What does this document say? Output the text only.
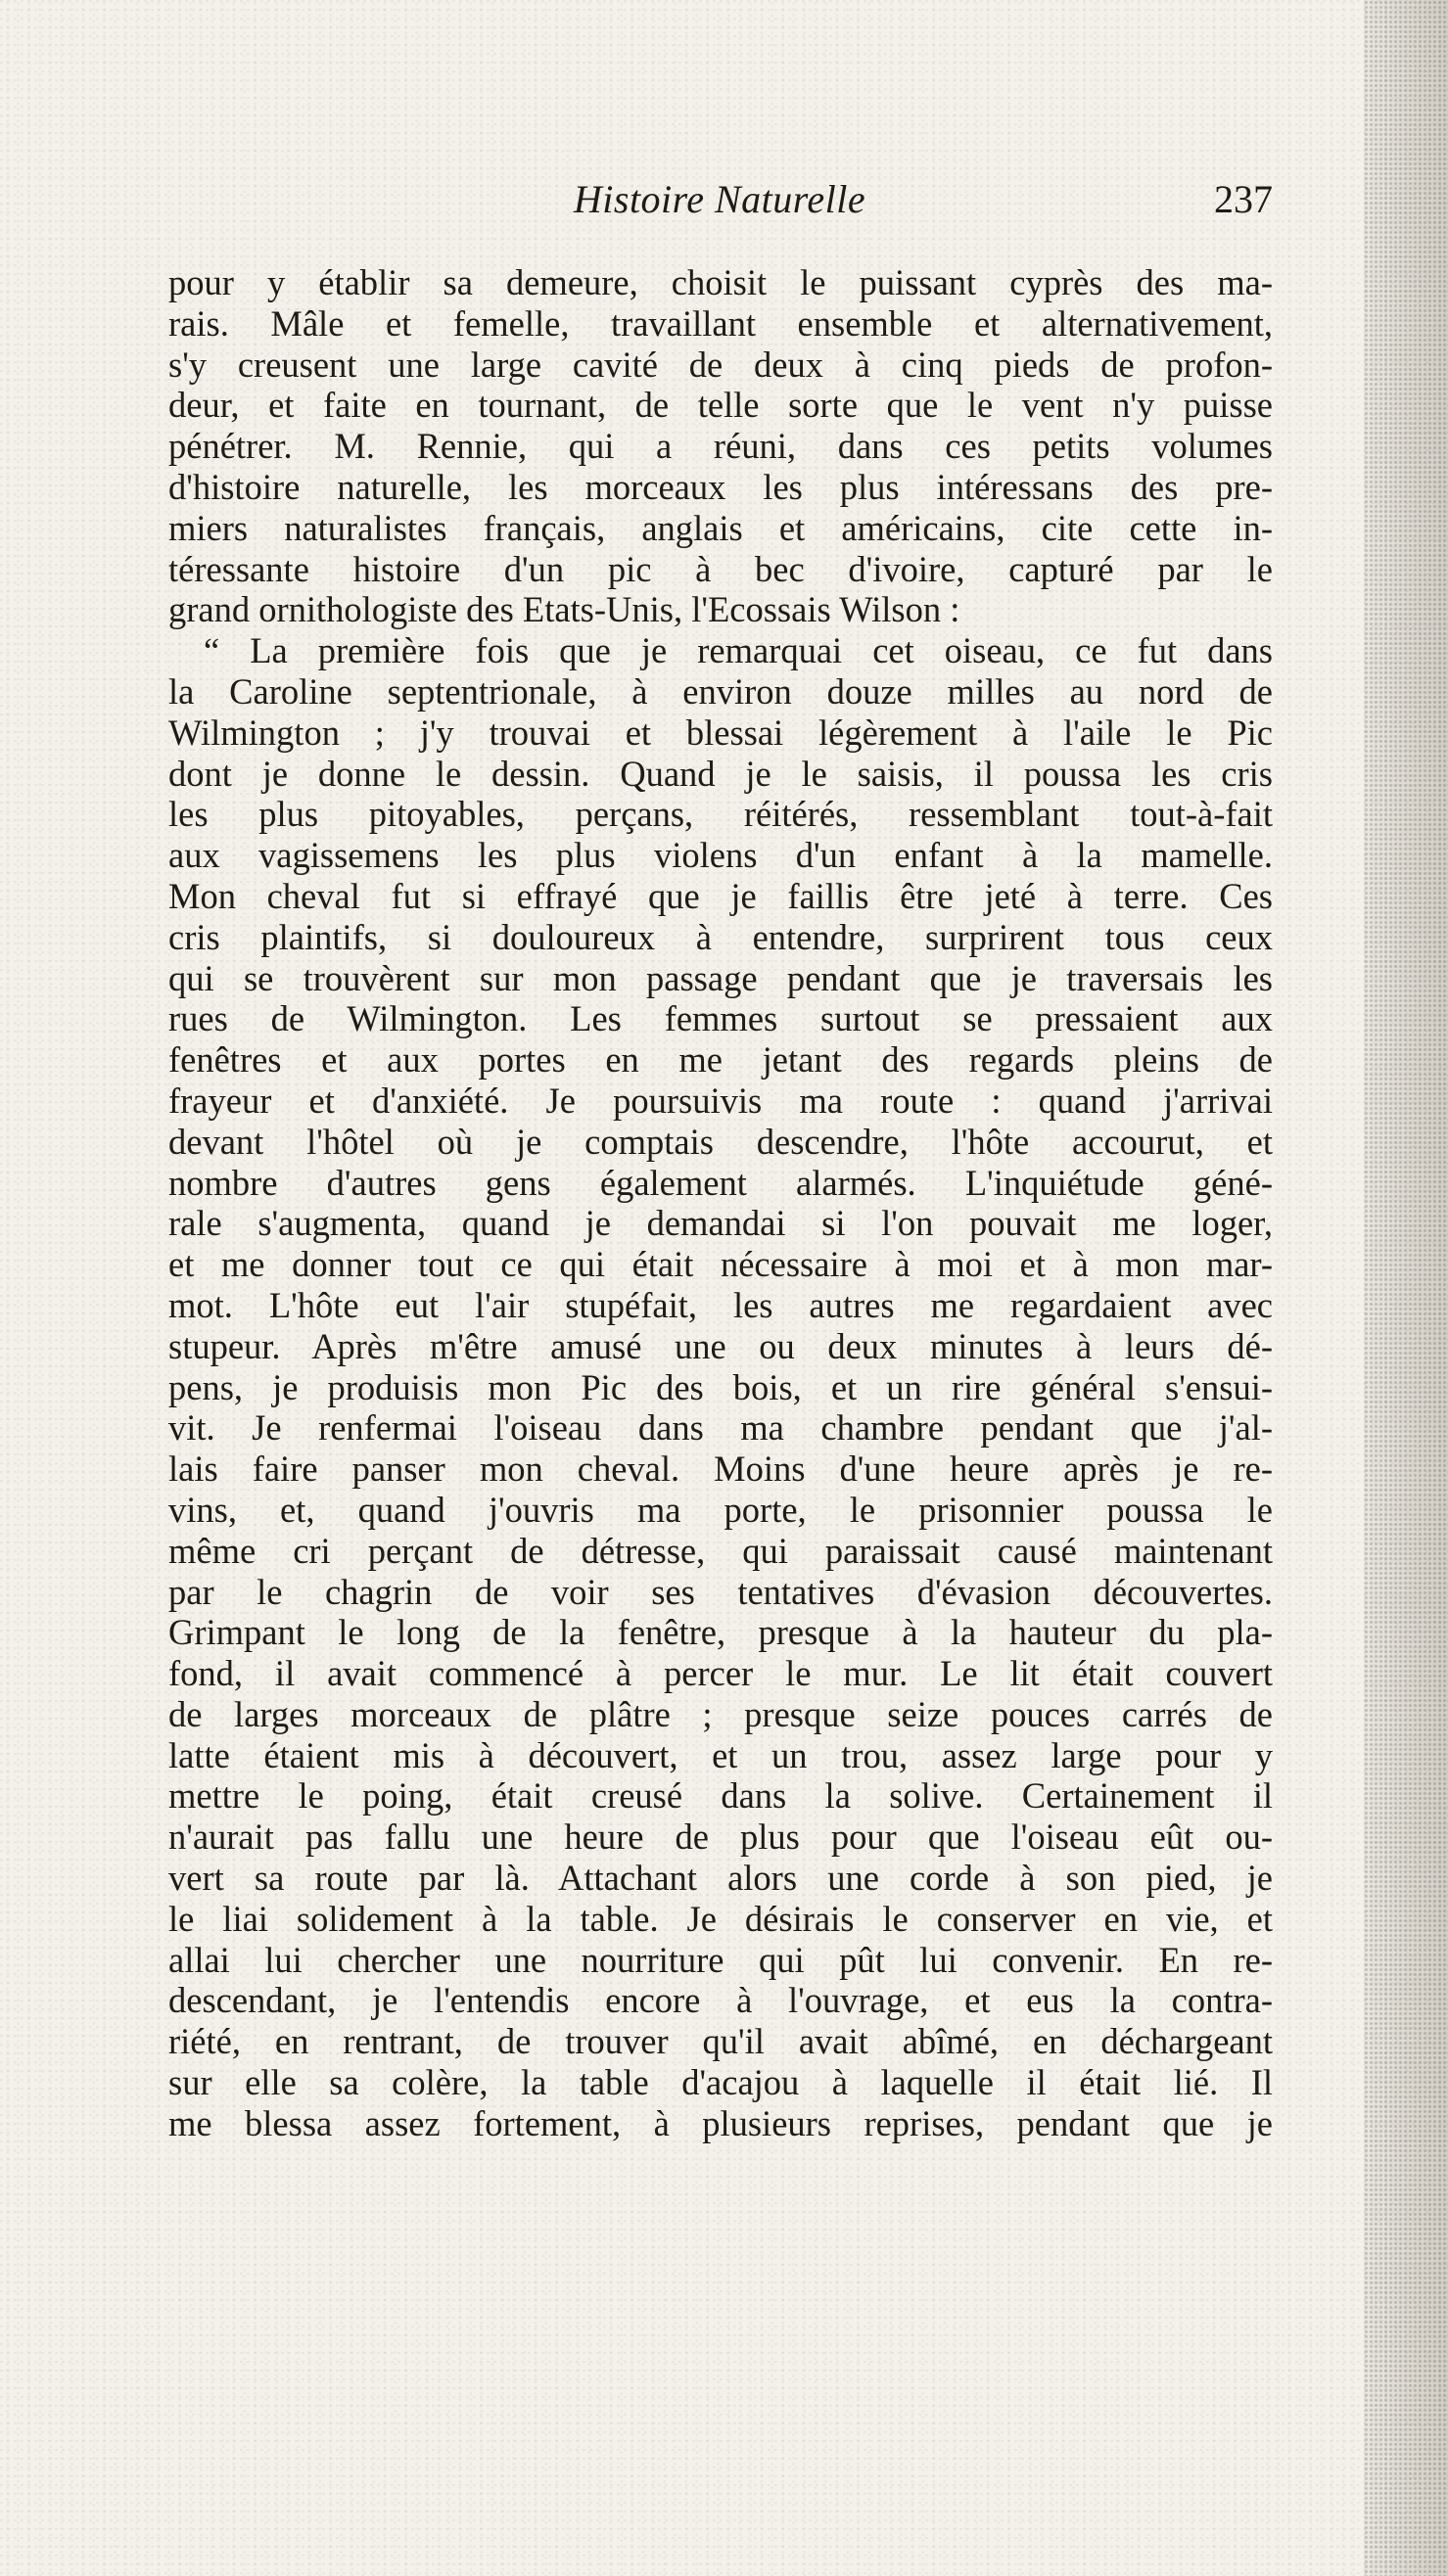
Histoire Naturelle	237
pour y établir sa demeure, choisit le puissant cyprès des ma-
rais. Mâle et femelle, travaillant ensemble et alternativement,
s'y creusent une large cavité de deux à cinq pieds de profon-
deur, et faite en tournant, de telle sorte que le vent n'y puisse
pénétrer. M. Rennie, qui a réuni, dans ces petits volumes
d'histoire naturelle, les morceaux les plus intéressans des pre-
miers naturalistes français, anglais et américains, cite cette in-
téressante histoire d'un pic à bec d'ivoire, capturé par le
grand ornithologiste des Etats-Unis, l'Ecossais Wilson :
“ La première fois que je remarquai cet oiseau, ce fut dans
la Caroline septentrionale, à environ douze milles au nord de
Wilmington ; j'y trouvai et blessai légèrement à l'aile le Pic
dont je donne le dessin. Quand je le saisis, il poussa les cris
les plus pitoyables, perçans, réitérés, ressemblant tout-à-fait
aux vagissemens les plus violens d'un enfant à la mamelle.
Mon cheval fut si effrayé que je faillis être jeté à terre. Ces
cris plaintifs, si douloureux à entendre, surprirent tous ceux
qui se trouvèrent sur mon passage pendant que je traversais les
rues de Wilmington. Les femmes surtout se pressaient aux
fenêtres et aux portes en me jetant des regards pleins de
frayeur et d'anxiété. Je poursuivis ma route : quand j'arrivai
devant l'hôtel où je comptais descendre, l'hôte accourut, et
nombre d'autres gens également alarmés. L'inquiétude géné-
rale s'augmenta, quand je demandai si l'on pouvait me loger,
et me donner tout ce qui était nécessaire à moi et à mon mar-
mot. L'hôte eut l'air stupéfait, les autres me regardaient avec
stupeur. Après m'être amusé une ou deux minutes à leurs dé-
pens, je produisis mon Pic des bois, et un rire général s'ensui-
vit. Je renfermai l'oiseau dans ma chambre pendant que j'al-
lais faire panser mon cheval. Moins d'une heure après je re-
vins, et, quand j'ouvris ma porte, le prisonnier poussa le
même cri perçant de détresse, qui paraissait causé maintenant
par le chagrin de voir ses tentatives d'évasion découvertes.
Grimpant le long de la fenêtre, presque à la hauteur du pla-
fond, il avait commencé à percer le mur. Le lit était couvert
de larges morceaux de plâtre ; presque seize pouces carrés de
latte étaient mis à découvert, et un trou, assez large pour y
mettre le poing, était creusé dans la solive. Certainement il
n'aurait pas fallu une heure de plus pour que l'oiseau eût ou-
vert sa route par là. Attachant alors une corde à son pied, je
le liai solidement à la table. Je désirais le conserver en vie, et
allai lui chercher une nourriture qui pût lui convenir. En re-
descendant, je l'entendis encore à l'ouvrage, et eus la contra-
riété, en rentrant, de trouver qu'il avait abîmé, en déchargeant
sur elle sa colère, la table d'acajou à laquelle il était lié. Il
me blessa assez fortement, à plusieurs reprises, pendant que je
